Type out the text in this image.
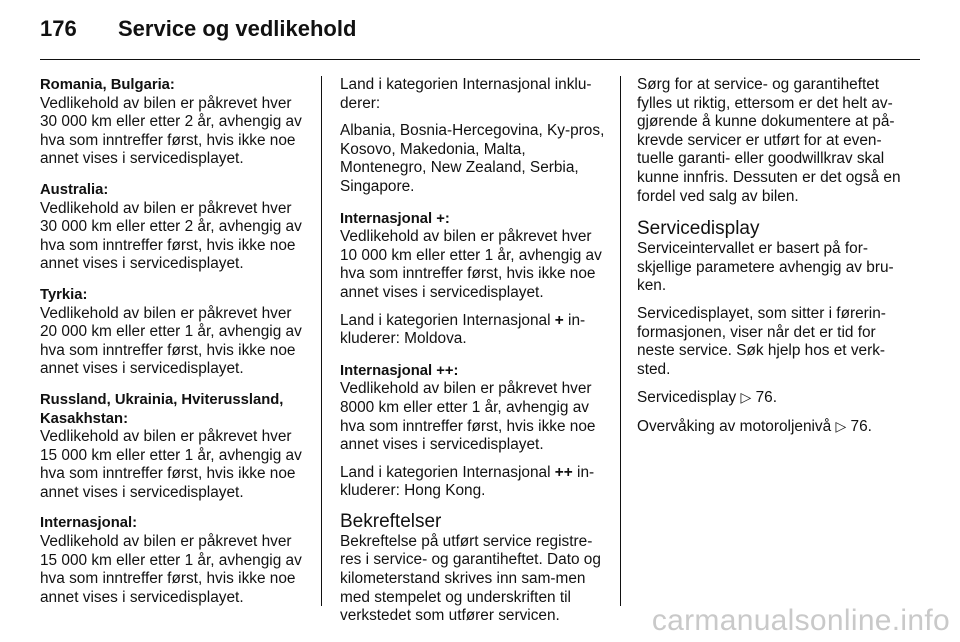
176	Service og vedlikehold
Romania, Bulgaria:
Vedlikehold av bilen er påkrevet hver 30 000 km eller etter 2 år, avhengig av hva som inntreffer først, hvis ikke noe annet vises i servicedisplayet.
Australia:
Vedlikehold av bilen er påkrevet hver 30 000 km eller etter 2 år, avhengig av hva som inntreffer først, hvis ikke noe annet vises i servicedisplayet.
Tyrkia:
Vedlikehold av bilen er påkrevet hver 20 000 km eller etter 1 år, avhengig av hva som inntreffer først, hvis ikke noe annet vises i servicedisplayet.
Russland, Ukrainia, Hviterussland, Kasakhstan:
Vedlikehold av bilen er påkrevet hver 15 000 km eller etter 1 år, avhengig av hva som inntreffer først, hvis ikke noe annet vises i servicedisplayet.
Internasjonal:
Vedlikehold av bilen er påkrevet hver 15 000 km eller etter 1 år, avhengig av hva som inntreffer først, hvis ikke noe annet vises i servicedisplayet.

Land i kategorien Internasjonal inklu-derer:

Albania, Bosnia-Hercegovina, Ky-pros, Kosovo, Makedonia, Malta, Montenegro, New Zealand, Serbia, Singapore.

Internasjonal +:
Vedlikehold av bilen er påkrevet hver 10 000 km eller etter 1 år, avhengig av hva som inntreffer først, hvis ikke noe annet vises i servicedisplayet.

Land i kategorien Internasjonal + in-kluderer: Moldova.

Internasjonal ++:
Vedlikehold av bilen er påkrevet hver 8000 km eller etter 1 år, avhengig av hva som inntreffer først, hvis ikke noe annet vises i servicedisplayet.

Land i kategorien Internasjonal ++ in-kluderer: Hong Kong.

Bekreftelser

Bekreftelse på utført service registre-res i service- og garantiheftet. Dato og kilometerstand skrives inn sam-men med stempelet og underskriften til verkstedet som utfører servicen.

Sørg for at service- og garantiheftet fylles ut riktig, ettersom er det helt av-gjørende å kunne dokumentere at på-krevde servicer er utført for at even-tuelle garanti- eller goodwillkrav skal kunne innfris. Dessuten er det også en fordel ved salg av bilen.

Servicedisplay

Serviceintervallet er basert på for-skjellige parametere avhengig av bru-ken.

Servicedisplayet, som sitter i førerin-formasjonen, viser når det er tid for neste service. Søk hjelp hos et verk-sted.

Servicedisplay ▷ 76.

Overvåking av motoroljenivå ▷ 76.

carmanualsonline.info
